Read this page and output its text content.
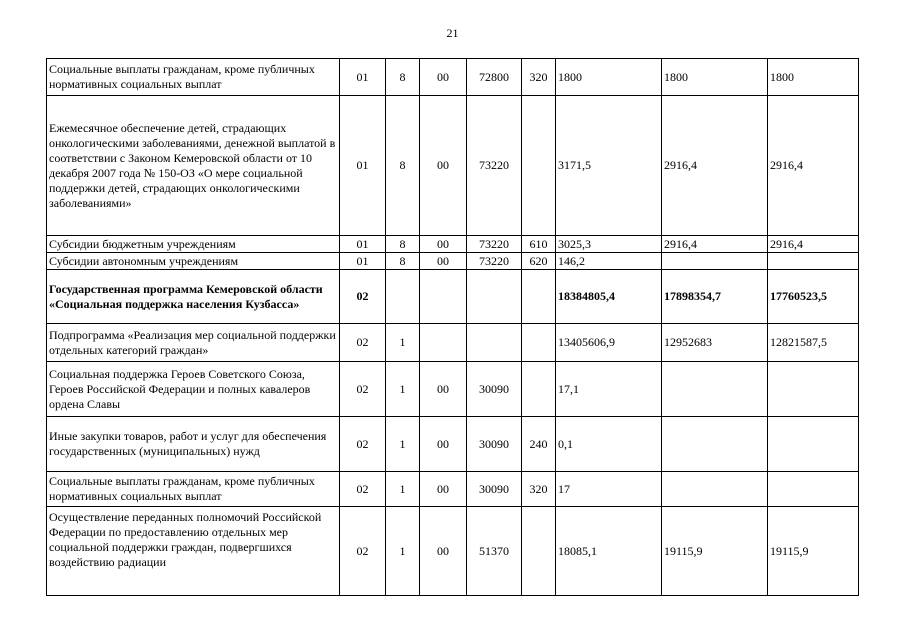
21
Социальные выплаты гражданам, кроме публичных нормативных социальных выплат	01	8	00	72800	320	1800	1800	1800
Ежемесячное обеспечение детей, страдающих онкологическими заболеваниями, денежной выплатой в соответствии с Законом Кемеровской области от 10 декабря 2007 года № 150-ОЗ «О мере социальной поддержки детей, страдающих онкологическими заболеваниями»	01	8	00	73220		3171,5	2916,4	2916,4
Субсидии бюджетным учреждениям	01	8	00	73220	610	3025,3	2916,4	2916,4
Субсидии автономным учреждениям	01	8	00	73220	620	146,2		
Государственная программа Кемеровской области «Социальная поддержка населения Кузбасса»	02					18384805,4	17898354,7	17760523,5
Подпрограмма «Реализация мер социальной поддержки отдельных категорий граждан»	02	1				13405606,9	12952683	12821587,5
Социальная поддержка Героев Советского Союза, Героев Российской Федерации и полных кавалеров ордена Славы	02	1	00	30090		17,1		
Иные закупки товаров, работ и услуг для обеспечения государственных (муниципальных) нужд	02	1	00	30090	240	0,1		
Социальные выплаты гражданам, кроме публичных нормативных социальных выплат	02	1	00	30090	320	17		
Осуществление переданных полномочий Российской Федерации по предоставлению отдельных мер социальной поддержки граждан, подвергшихся воздействию радиации	02	1	00	51370		18085,1	19115,9	19115,9
